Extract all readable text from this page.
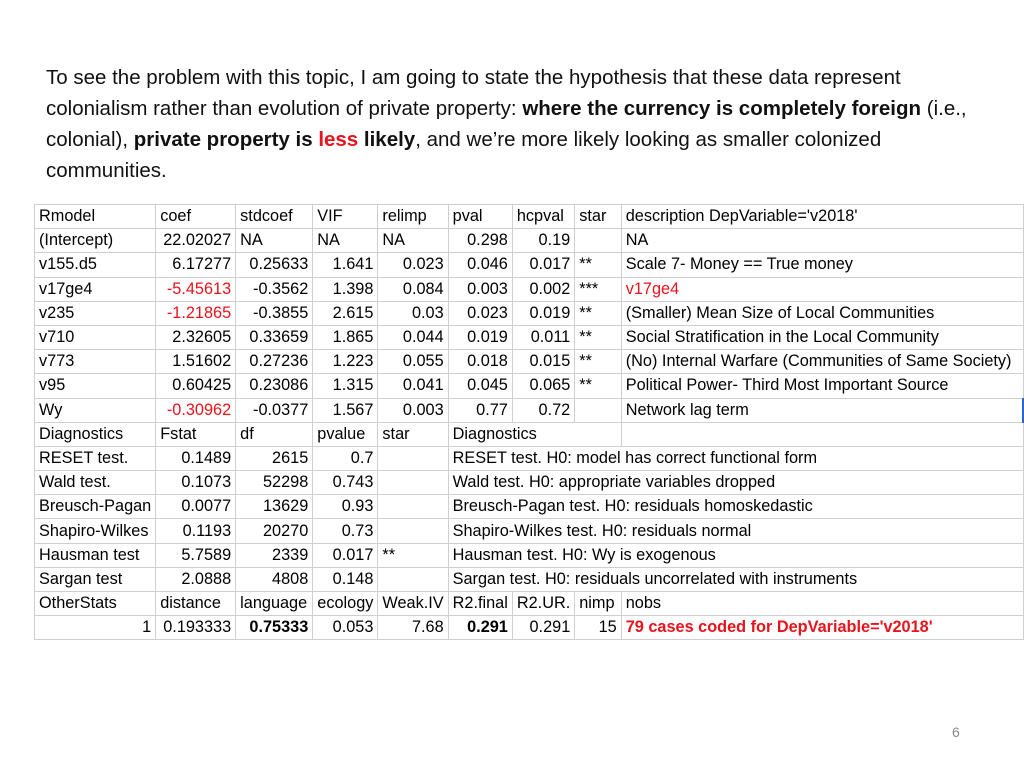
To see the problem with this topic, I am going to state the hypothesis that these data represent colonialism rather than evolution of private property: where the currency is completely foreign (i.e., colonial), private property is less likely, and we’re more likely looking as smaller colonized communities.
Rmodel	coef	stdcoef	VIF	relimp	pval	hcpval	star	description DepVariable='v2018'
(Intercept)	22.02027	NA	NA	NA	0.298	0.19		NA
v155.d5	6.17277	0.25633	1.641	0.023	0.046	0.017	**	Scale 7- Money == True money
v17ge4	-5.45613	-0.3562	1.398	0.084	0.003	0.002	***	v17ge4
v235	-1.21865	-0.3855	2.615	0.03	0.023	0.019	**	(Smaller) Mean Size of Local Communities
v710	2.32605	0.33659	1.865	0.044	0.019	0.011	**	Social Stratification in the Local Community
v773	1.51602	0.27236	1.223	0.055	0.018	0.015	**	(No) Internal Warfare (Communities of Same Society)
v95	0.60425	0.23086	1.315	0.041	0.045	0.065	**	Political Power- Third Most Important Source
Wy	-0.30962	-0.0377	1.567	0.003	0.77	0.72		Network lag term
Diagnostics	Fstat	df	pvalue	star	Diagnostics			
RESET test.	0.1489	2615	0.7		RESET test. H0: model has correct functional form			
Wald test.	0.1073	52298	0.743		Wald test. H0: appropriate variables dropped			
Breusch-Pagan	0.0077	13629	0.93		Breusch-Pagan test. H0: residuals homoskedastic			
Shapiro-Wilkes	0.1193	20270	0.73		Shapiro-Wilkes test. H0: residuals normal			
Hausman test	5.7589	2339	0.017	**	Hausman test. H0: Wy is exogenous			
Sargan test	2.0888	4808	0.148		Sargan test. H0: residuals uncorrelated with instruments			
OtherStats	distance	language	ecology	Weak.IV	R2.final	R2.UR.	nimp	nobs
1	0.193333	0.75333	0.053	7.68	0.291	0.291	15	79 cases coded for DepVariable='v2018'
6
